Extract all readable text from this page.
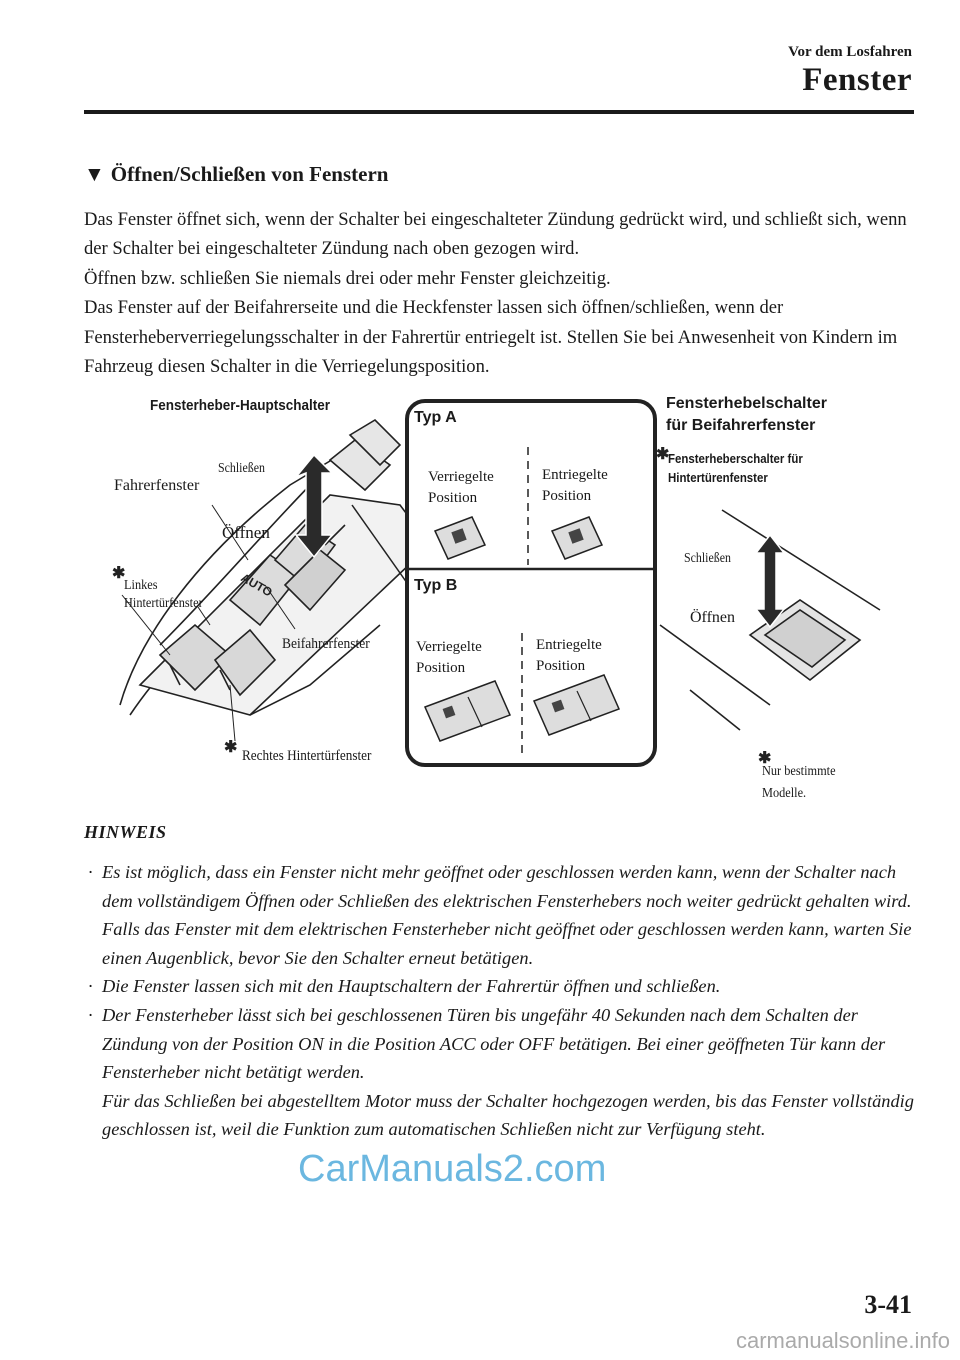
Vor dem Losfahren
Fenster
▼ Öffnen/Schließen von Fenstern

Das Fenster öffnet sich, wenn der Schalter bei eingeschalteter Zündung gedrückt wird, und schließt sich, wenn der Schalter bei eingeschalteter Zündung nach oben gezogen wird.

Öffnen bzw. schließen Sie niemals drei oder mehr Fenster gleichzeitig.

Das Fenster auf der Beifahrerseite und die Heckfenster lassen sich öffnen/schließen, wenn der Fensterheberverriegelungsschalter in der Fahrertür entriegelt ist. Stellen Sie bei Anwesenheit von Kindern im Fahrzeug diesen Schalter in die Verriegelungsposition.

AUTO
✱
✱
✱
✱
Fensterheber-Hauptschalter
Schließen
Fahrerfenster
Öffnen
Linkes
Hintertürfenster
Beifahrerfenster
Rechtes Hintertürfenster
Typ A
Verriegelte
Position
Entriegelte
Position
Typ B
Verriegelte
Position
Entriegelte
Position
Fensterhebelschalter
für Beifahrerfenster
Fensterheberschalter für
Hintertürenfenster
Schließen
Öffnen
Nur bestimmte
Modelle.
HINWEIS

· Es ist möglich, dass ein Fenster nicht mehr geöffnet oder geschlossen werden kann, wenn der Schalter nach dem vollständigem Öffnen oder Schließen des elektrischen Fensterhebers noch weiter gedrückt gehalten wird. Falls das Fenster mit dem elektrischen Fensterheber nicht geöffnet oder geschlossen werden kann, warten Sie einen Augenblick, bevor Sie den Schalter erneut betätigen.

· Die Fenster lassen sich mit den Hauptschaltern der Fahrertür öffnen und schließen.

· Der Fensterheber lässt sich bei geschlossenen Türen bis ungefähr 40 Sekunden nach dem Schalten der Zündung von der Position ON in die Position ACC oder OFF betätigen. Bei einer geöffneten Tür kann der Fensterheber nicht betätigt werden.

Für das Schließen bei abgestelltem Motor muss der Schalter hochgezogen werden, bis das Fenster vollständig geschlossen ist, weil die Funktion zum automatischen Schließen nicht zur Verfügung steht.

CarManuals2.com
3-41
carmanualsonline.info
